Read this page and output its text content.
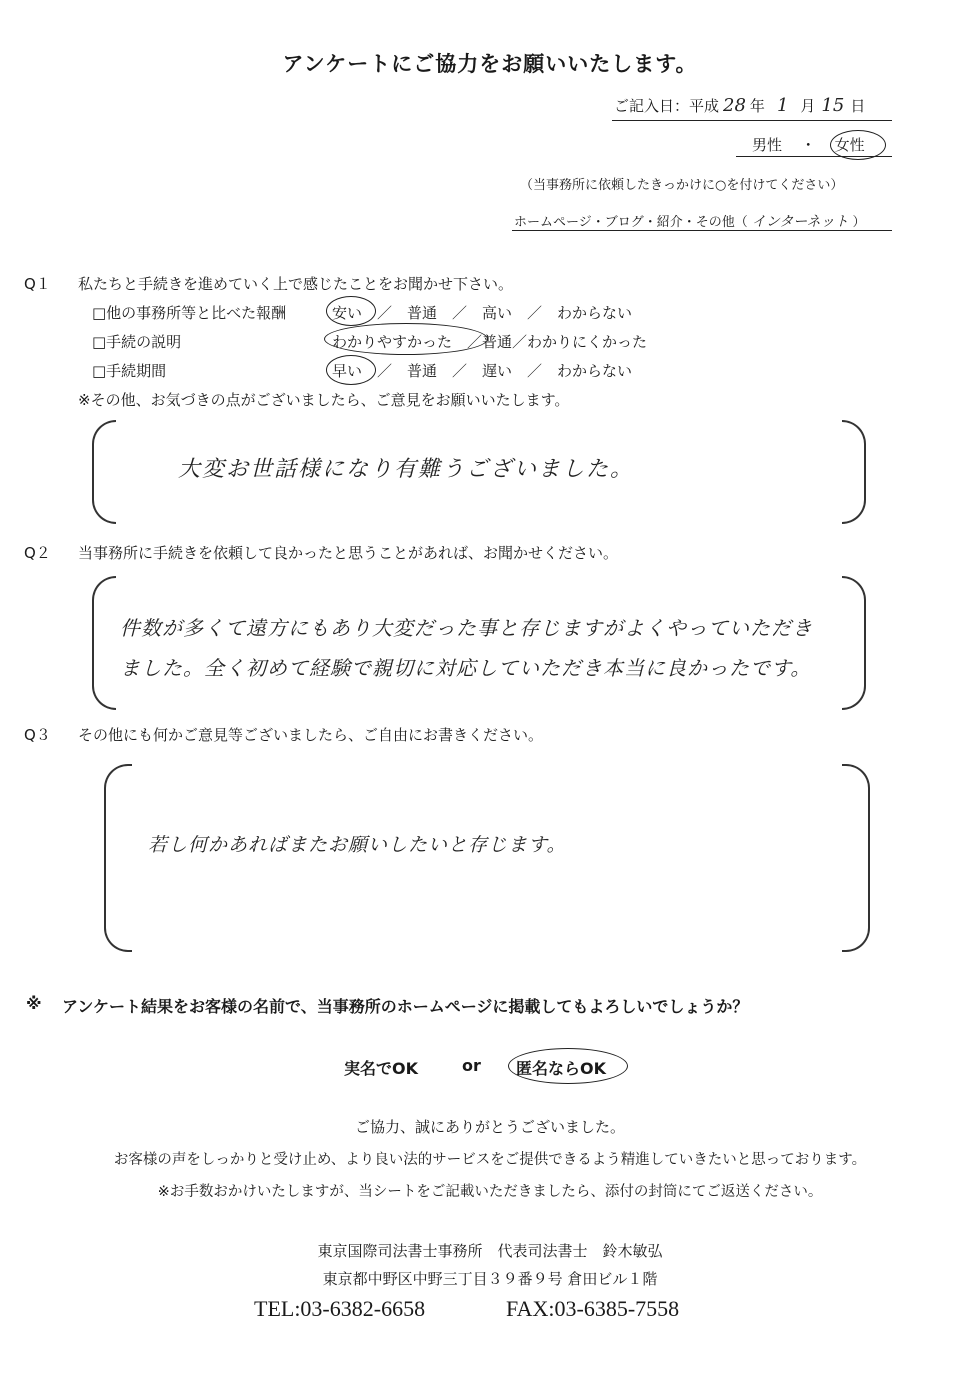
アンケートにご協力をお願いいたします。
ご記入日：平成 28 年 1 月 15 日
男性 ・ 女性
（当事務所に依頼したきっかけに○を付けてください）
ホームページ・ブログ・紹介・その他（ インターネット ）
Q１ 私たちと手続きを進めていく上で感じたことをお聞かせ下さい。
□他の事務所等と比べた報酬	安い　／　普通　／　高い　／　わからない
□手続の説明	わかりやすかった　／普通／わかりにくかった
□手続期間	早い　／　普通　／　遅い　／　わからない
※その他、お気づきの点がございましたら、ご意見をお願いいたします。
大変お世話様になり有難うございました。
Q２ 当事務所に手続きを依頼して良かったと思うことがあれば、お聞かせください。
件数が多くて遠方にもあり大変だった事と存じますがよくやっていただき
ました。全く初めて経験で親切に対応していただき本当に良かったです。
Q３ その他にも何かご意見等ございましたら、ご自由にお書きください。
若し何かあればまたお願いしたいと存じます。
※ アンケート結果をお客様の名前で、当事務所のホームページに掲載してもよろしいでしょうか？
実名でOK	or 匿名ならOK
ご協力、誠にありがとうございました。
お客様の声をしっかりと受け止め、より良い法的サービスをご提供できるよう精進していきたいと思っております。
※お手数おかけいたしますが、当シートをご記載いただきましたら、添付の封筒にてご返送ください。
東京国際司法書士事務所　代表司法書士　鈴木敏弘
東京都中野区中野三丁目３９番９号 倉田ビル１階
TEL:03-6382-6658	FAX:03-6385-7558
